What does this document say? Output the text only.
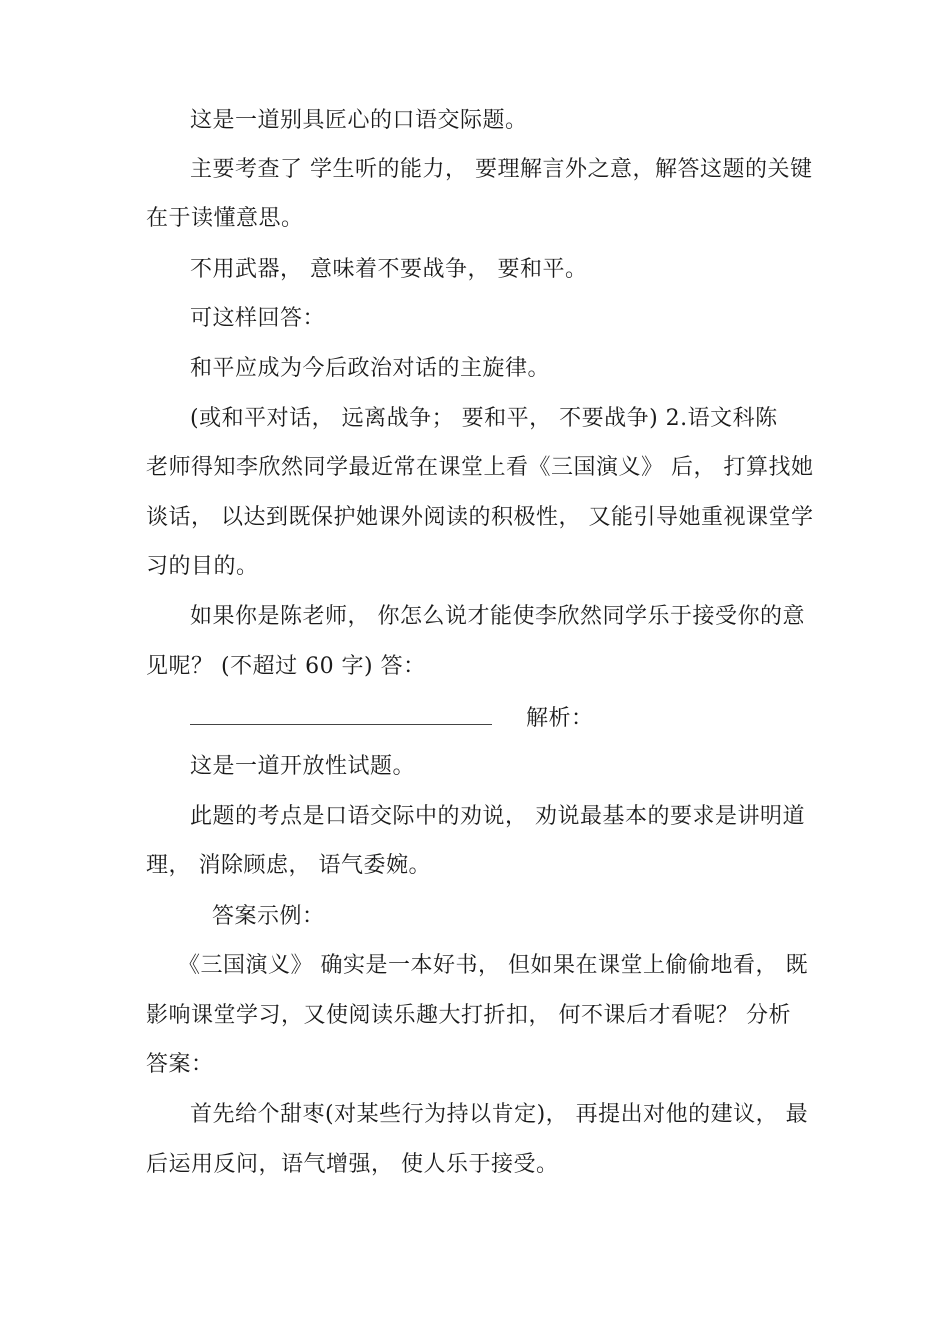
这是一道别具匠心的口语交际题。
主要考查了 学生听的能力， 要理解言外之意，解答这题的关键
在于读懂意思。
不用武器， 意味着不要战争， 要和平。
可这样回答：
和平应成为今后政治对话的主旋律。
(或和平对话， 远离战争； 要和平， 不要战争) 2.语文科陈
老师得知李欣然同学最近常在课堂上看《三国演义》 后， 打算找她
谈话， 以达到既保护她课外阅读的积极性， 又能引导她重视课堂学
习的目的。
如果你是陈老师， 你怎么说才能使李欣然同学乐于接受你的意
见呢？ (不超过 60 字) 答：
解析：
这是一道开放性试题。
此题的考点是口语交际中的劝说， 劝说最基本的要求是讲明道
理， 消除顾虑， 语气委婉。
答案示例：
《三国演义》 确实是一本好书， 但如果在课堂上偷偷地看， 既
影响课堂学习，又使阅读乐趣大打折扣， 何不课后才看呢？ 分析
答案：
首先给个甜枣(对某些行为持以肯定)， 再提出对他的建议， 最
后运用反问，语气增强， 使人乐于接受。
